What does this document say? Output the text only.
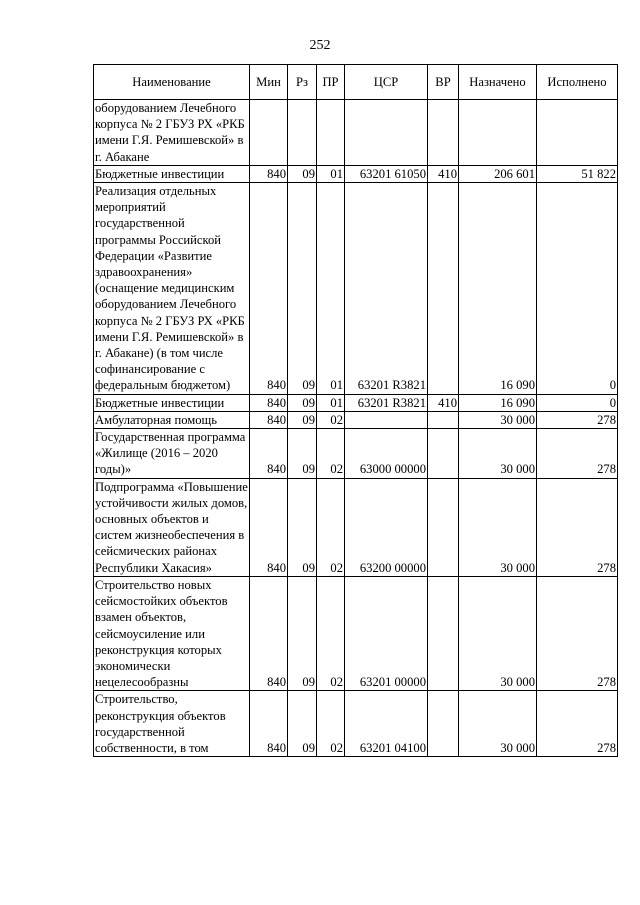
252
Наименование	Мин	Рз	ПР	ЦСР	ВР	Назначено	Исполнено
оборудованием Лечебного корпуса № 2 ГБУЗ РХ «РКБ имени Г.Я. Ремишевской» в г. Абакане							
Бюджетные инвестиции	840	09	01	63201 61050	410	206 601	51 822
Реализация отдельных мероприятий государственной программы Российской Федерации «Развитие здравоохранения» (оснащение медицинским оборудованием Лечебного корпуса № 2 ГБУЗ РХ «РКБ имени Г.Я. Ремишевской» в г. Абакане) (в том числе софинансирование с федеральным бюджетом)	840	09	01	63201 R3821		16 090	0
Бюджетные инвестиции	840	09	01	63201 R3821	410	16 090	0
Амбулаторная помощь	840	09	02			30 000	278
Государственная программа «Жилище (2016 – 2020 годы)»	840	09	02	63000 00000		30 000	278
Подпрограмма «Повышение устойчивости жилых домов, основных объектов и систем жизнеобеспечения в сейсмических районах Республики Хакасия»	840	09	02	63200 00000		30 000	278
Строительство новых сейсмостойких объектов взамен объектов, сейсмоусиление или реконструкция которых экономически нецелесообразны	840	09	02	63201 00000		30 000	278
Строительство, реконструкция объектов государственной собственности, в том	840	09	02	63201 04100		30 000	278
